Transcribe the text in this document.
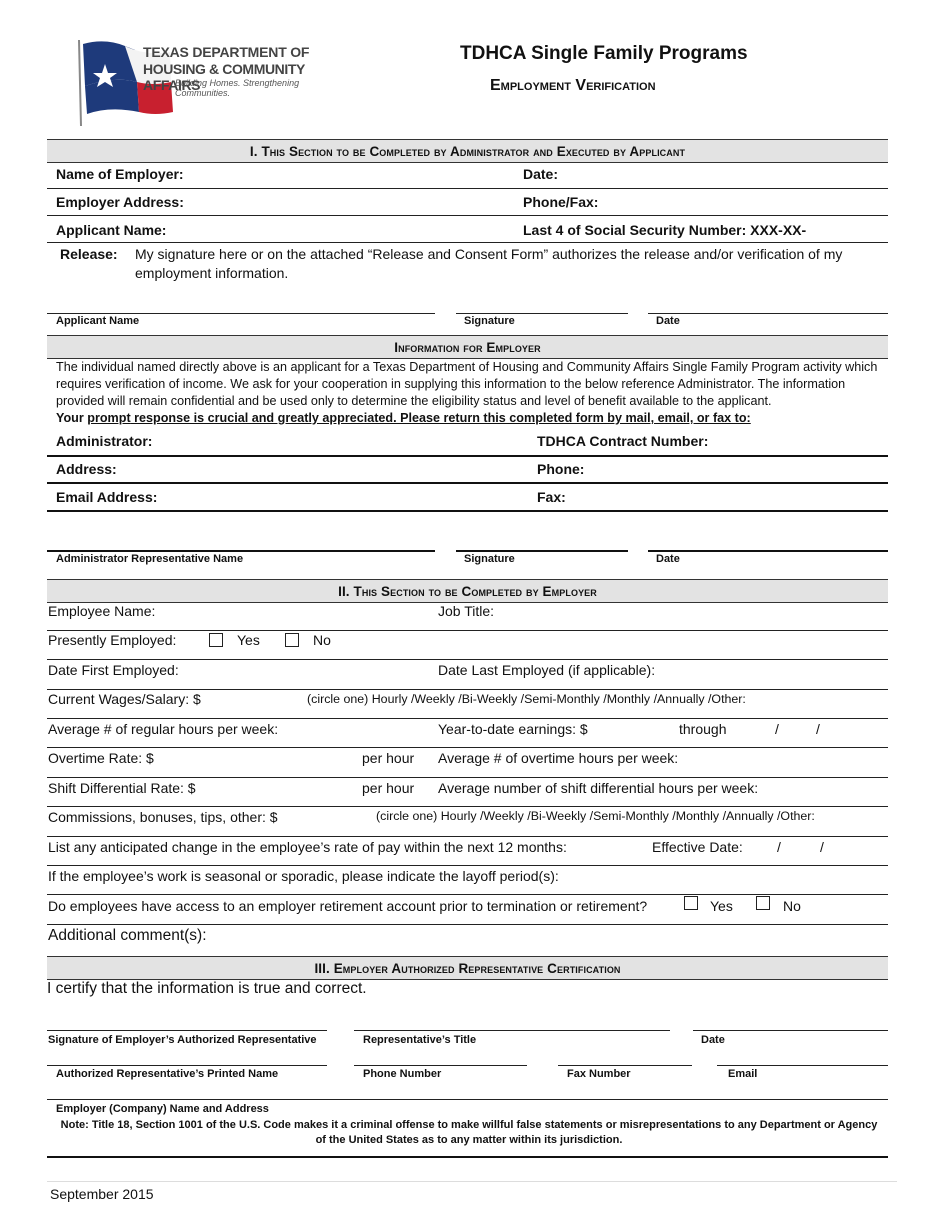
TEXAS DEPARTMENT OF
HOUSING & COMMUNITY AFFAIRS
Building Homes. Strengthening Communities.
TDHCA Single Family Programs
Employment Verification
I. This Section to be Completed by Administrator and Executed by Applicant
Name of Employer:	Date:
Employer Address:	Phone/Fax:
Applicant Name:	Last 4 of Social Security Number: XXX-XX-
Release: My signature here or on the attached “Release and Consent Form” authorizes the release and/or verification of my employment information.
Applicant Name	Signature	Date
Information for Employer
The individual named directly above is an applicant for a Texas Department of Housing and Community Affairs Single Family Program activity which requires verification of income. We ask for your cooperation in supplying this information to the below reference Administrator. The information provided will remain confidential and be used only to determine the eligibility status and level of benefit available to the applicant.
Your prompt response is crucial and greatly appreciated. Please return this completed form by mail, email, or fax to:
Administrator:	TDHCA Contract Number:
Address:	Phone:
Email Address:	Fax:
Administrator Representative Name	Signature	Date
II. This Section to be Completed by Employer
Employee Name:	Job Title:
Presently Employed:	Yes	No
Date First Employed:	Date Last Employed (if applicable):
Current Wages/Salary: $	(circle one) Hourly /Weekly /Bi-Weekly /Semi-Monthly /Monthly /Annually /Other:
Average # of regular hours per week:	Year-to-date earnings: $	through	/	/
Overtime Rate: $	per hour Average # of overtime hours per week:
Shift Differential Rate: $	per hour Average number of shift differential hours per week:
Commissions, bonuses, tips, other: $	(circle one) Hourly /Weekly /Bi-Weekly /Semi-Monthly /Monthly /Annually /Other:
List any anticipated change in the employee’s rate of pay within the next 12 months:	Effective Date: /	/
If the employee’s work is seasonal or sporadic, please indicate the layoff period(s):
Do employees have access to an employer retirement account prior to termination or retirement?	Yes	No
Additional comment(s):
III. Employer Authorized Representative Certification
I certify that the information is true and correct.
Signature of Employer’s Authorized Representative	Representative’s Title	Date
Authorized Representative’s Printed Name	Phone Number	Fax Number	Email
Employer (Company) Name and Address
Note: Title 18, Section 1001 of the U.S. Code makes it a criminal offense to make willful false statements or misrepresentations to any Department or Agency of the United States as to any matter within its jurisdiction.
September 2015
